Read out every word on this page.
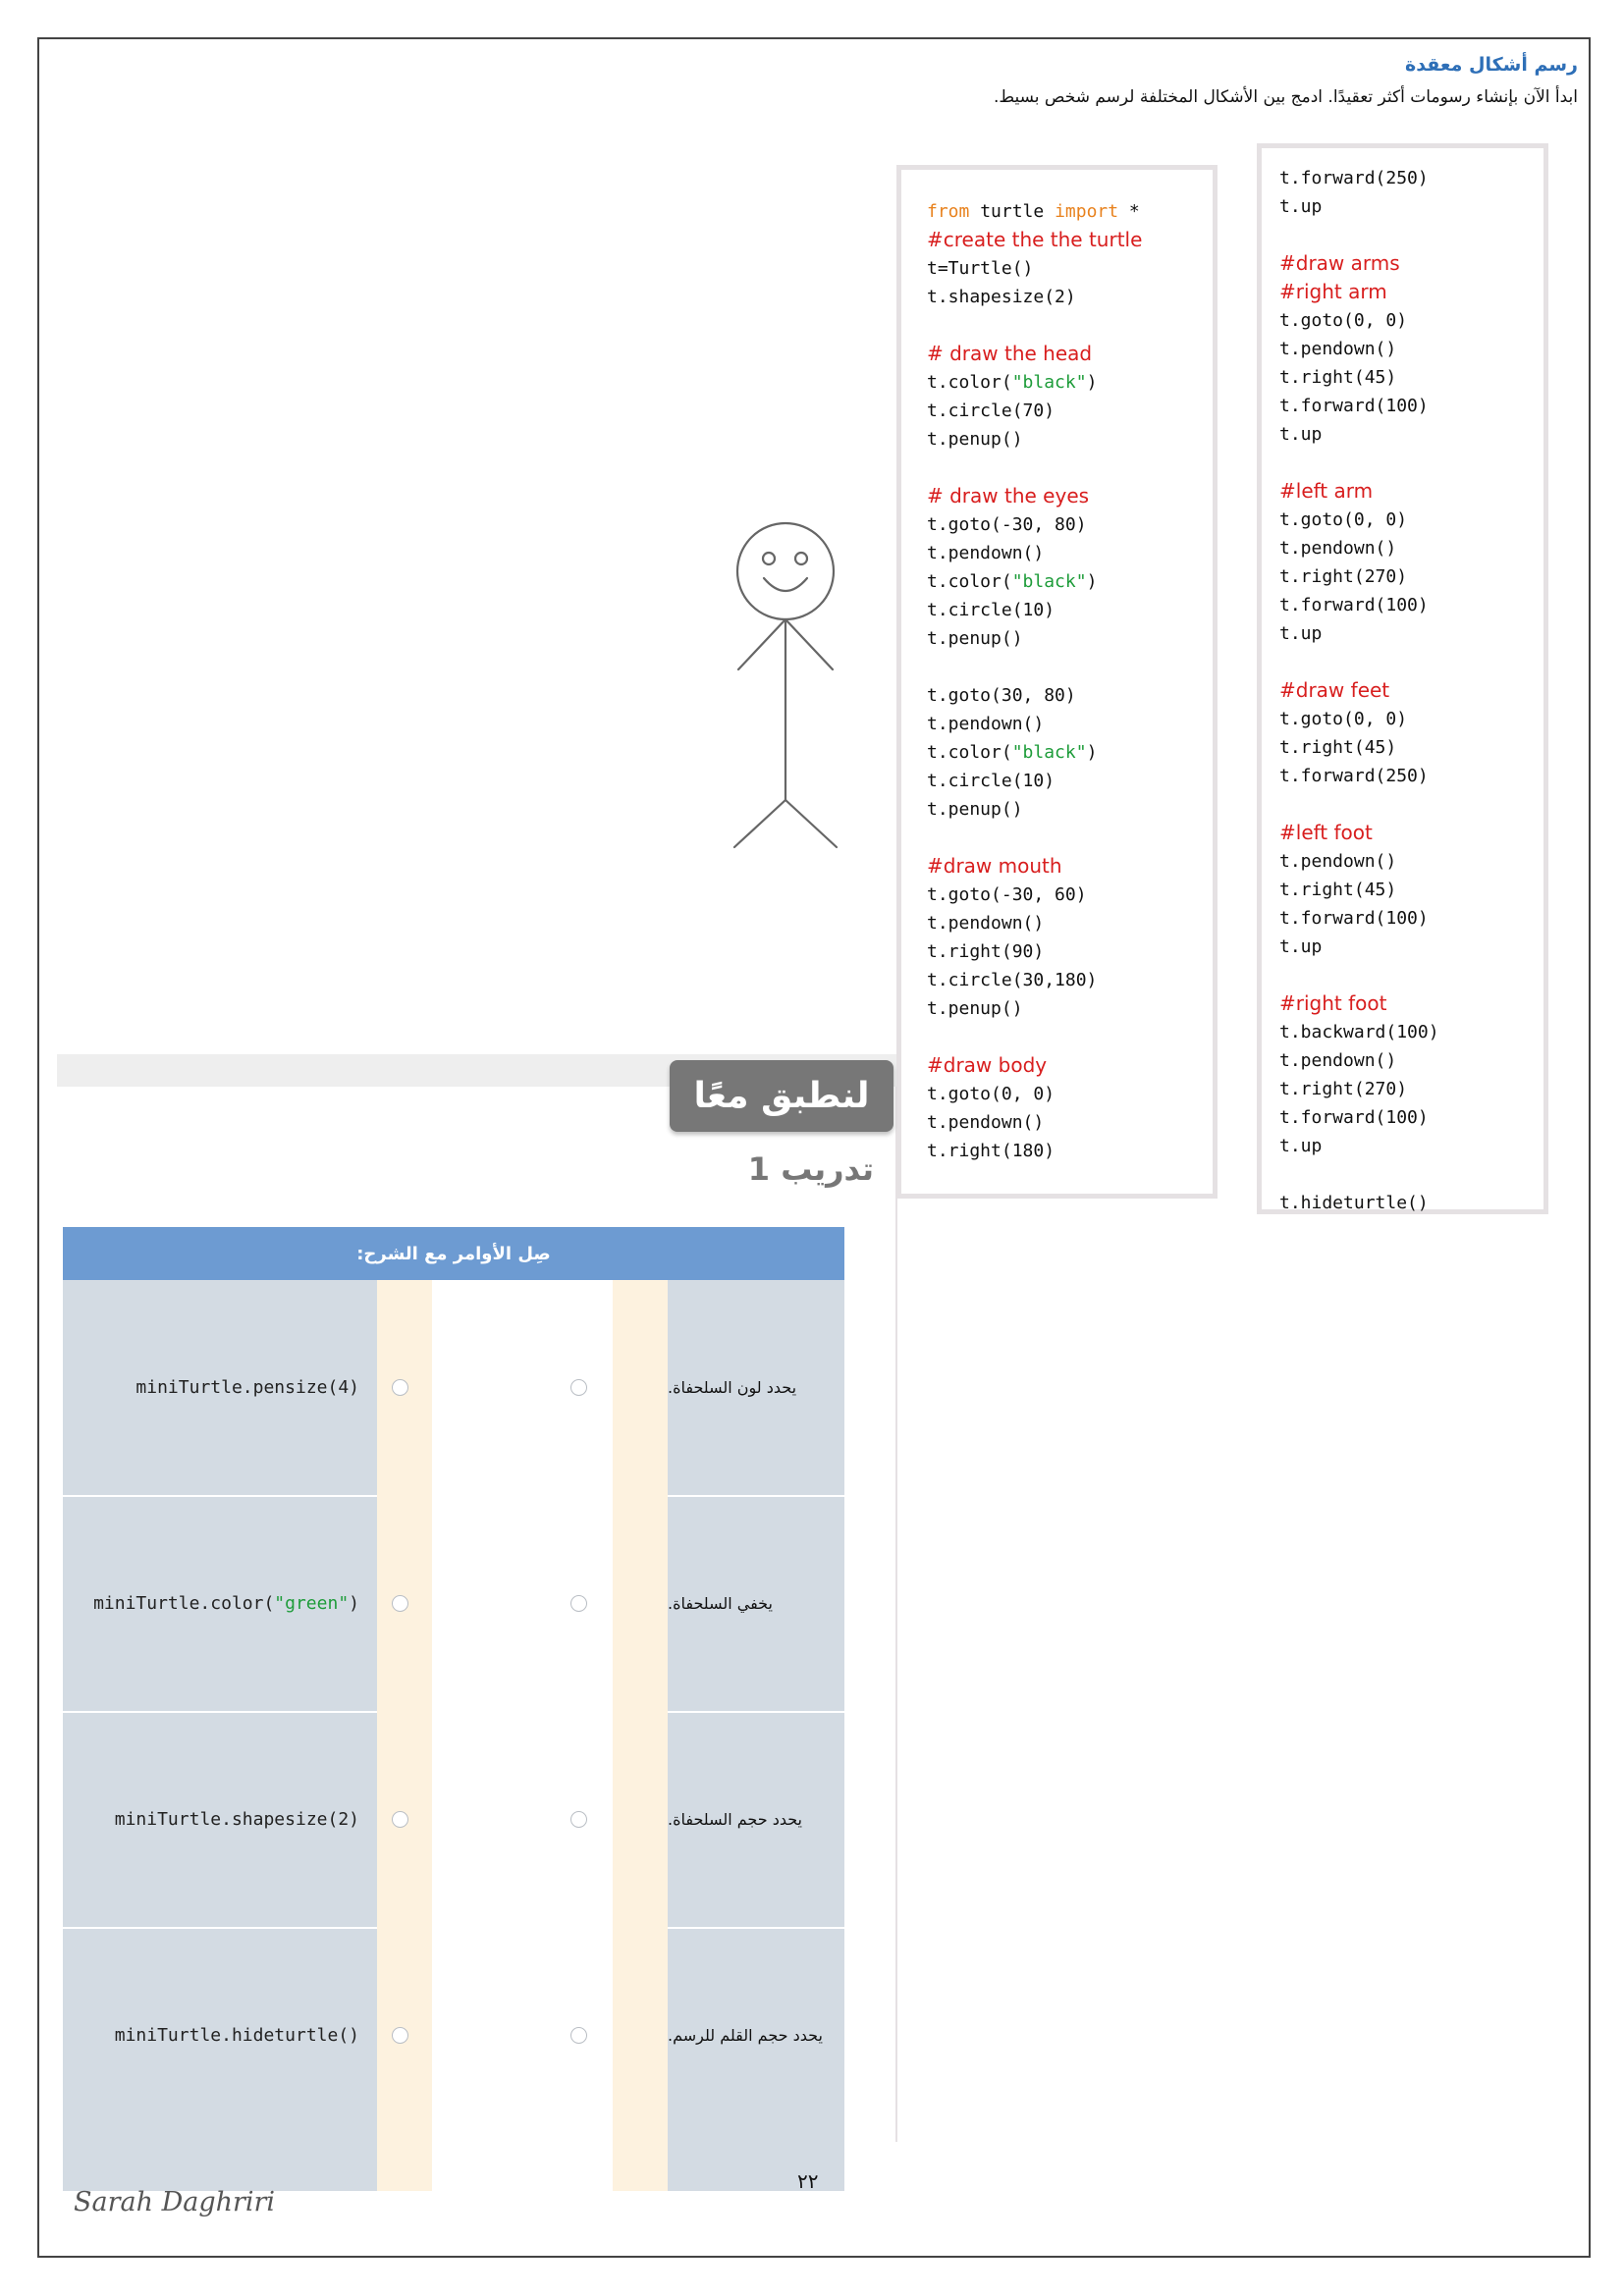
رسم أشكال معقدة
ابدأ الآن بإنشاء رسومات أكثر تعقيدًا. ادمج بين الأشكال المختلفة لرسم شخص بسيط.
from turtle import *
#create the the turtle
t=Turtle()
t.shapesize(2)
# draw the head
t.color("black")
t.circle(70)
t.penup()
# draw the eyes
t.goto(-30, 80)
t.pendown()
t.color("black")
t.circle(10)
t.penup()
t.goto(30, 80)
t.pendown()
t.color("black")
t.circle(10)
t.penup()
#draw mouth
t.goto(-30, 60)
t.pendown()
t.right(90)
t.circle(30,180)
t.penup()
#draw body
t.goto(0, 0)
t.pendown()
t.right(180)
t.forward(250)
t.up
#draw arms
#right arm
t.goto(0, 0)
t.pendown()
t.right(45)
t.forward(100)
t.up
#left arm
t.goto(0, 0)
t.pendown()
t.right(270)
t.forward(100)
t.up
#draw feet
t.goto(0, 0)
t.right(45)
t.forward(250)
#left foot
t.pendown()
t.right(45)
t.forward(100)
t.up
#right foot
t.backward(100)
t.pendown()
t.right(270)
t.forward(100)
t.up
t.hideturtle()
لنطبق معًا
تدريب 1
صِل الأوامر مع الشرح:
miniTurtle.pensize(4)	يحدد لون السلحفاة.
miniTurtle.color( "green" )	يخفي السلحفاة.
miniTurtle.shapesize(2)	يحدد حجم السلحفاة.
miniTurtle.hideturtle()	يحدد حجم القلم للرسم.
٢٢
Sarah Daghriri
